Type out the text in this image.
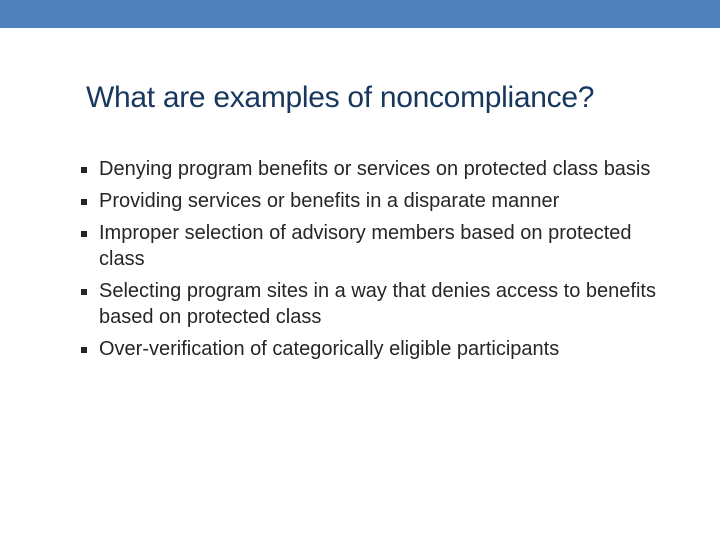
What are examples of noncompliance?
Denying program benefits or services on protected class basis
Providing services or benefits in a disparate manner
Improper selection of advisory members based on protected class
Selecting program sites in a way that denies access to benefits based on protected class
Over-verification of categorically eligible participants
